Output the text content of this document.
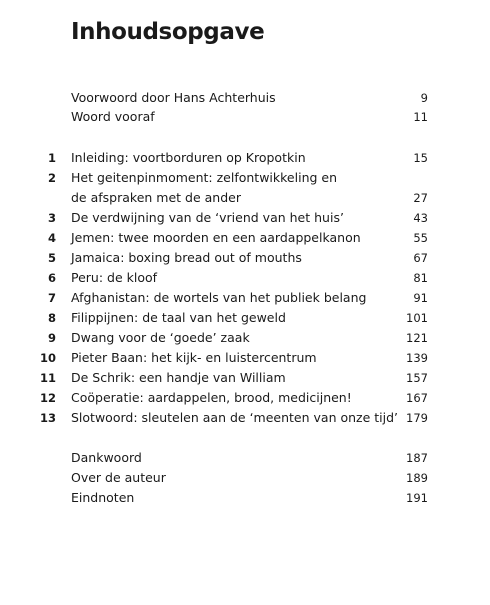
Inhoudsopgave
Voorwoord door Hans Achterhuis	9
Woord vooraf	11
1 Inleiding: voortborduren op Kropotkin	15
2 Het geitenpinmoment: zelfontwikkeling en
de afspraken met de ander	27
3 De verdwijning van de ‘vriend van het huis’	43
4 Jemen: twee moorden en een aardappelkanon	55
5 Jamaica: boxing bread out of mouths	67
6 Peru: de kloof	81
7 Afghanistan: de wortels van het publiek belang	91
8 Filippijnen: de taal van het geweld	101
9 Dwang voor de ‘goede’ zaak	121
10 Pieter Baan: het kijk- en luistercentrum	139
11 De Schrik: een handje van William	157
12 Coöperatie: aardappelen, brood, medicijnen!	167
13 Slotwoord: sleutelen aan de ‘meenten van onze tijd’ 179
Dankwoord	187
Over de auteur	189
Eindnoten	191
